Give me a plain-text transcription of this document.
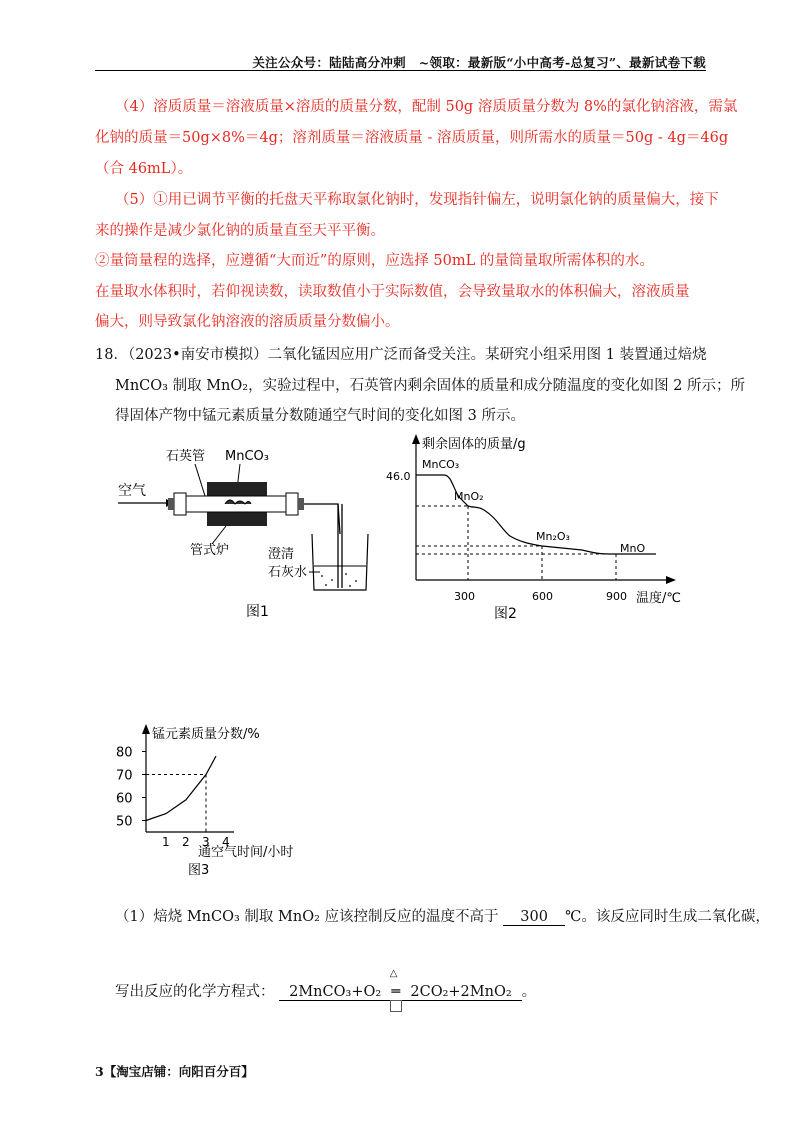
关注公众号：陆陆高分冲刺　~领取：最新版“小中高考-总复习”、最新试卷下载
（4）溶质质量＝溶液质量×溶质的质量分数，配制 50g 溶质质量分数为 8%的氯化钠溶液，需氯
化钠的质量＝50g×8%＝4g；溶剂质量＝溶液质量 - 溶质质量，则所需水的质量＝50g - 4g＝46g
（合 46mL）。
（5）①用已调节平衡的托盘天平称取氯化钠时，发现指针偏左，说明氯化钠的质量偏大，接下
来的操作是减少氯化钠的质量直至天平平衡。
②量筒量程的选择，应遵循“大而近”的原则，应选择 50mL 的量筒量取所需体积的水。
在量取水体积时，若仰视读数，读取数值小于实际数值，会导致量取水的体积偏大，溶液质量
偏大，则导致氯化钠溶液的溶质质量分数偏小。
18．（2023•南安市模拟）二氧化锰因应用广泛而备受关注。某研究小组采用图 1 装置通过焙烧
MnCO₃ 制取 MnO₂，实验过程中，石英管内剩余固体的质量和成分随温度的变化如图 2 所示；所
得固体产物中锰元素质量分数随通空气时间的变化如图 3 所示。
石英管 MnCO₃
空气
管式炉	澄清
石灰水
图1
剩余固体的质量/g
46.0
MnCO₃
MnO₂
Mn₂O₃
MnO
300	600	900 温度/℃
图2
锰元素质量分数/%
通空气时间/小时
图3
50
60
70
80
1 2 3 4
（1）焙烧 MnCO₃ 制取 MnO₂ 应该控制反应的温度不高于 300 ℃。该反应同时生成二氧化碳，
写出反应的化学方程式： 2MnCO₃+O₂
△
═ 2CO₂+2MnO₂ 。
3【淘宝店铺：向阳百分百】
